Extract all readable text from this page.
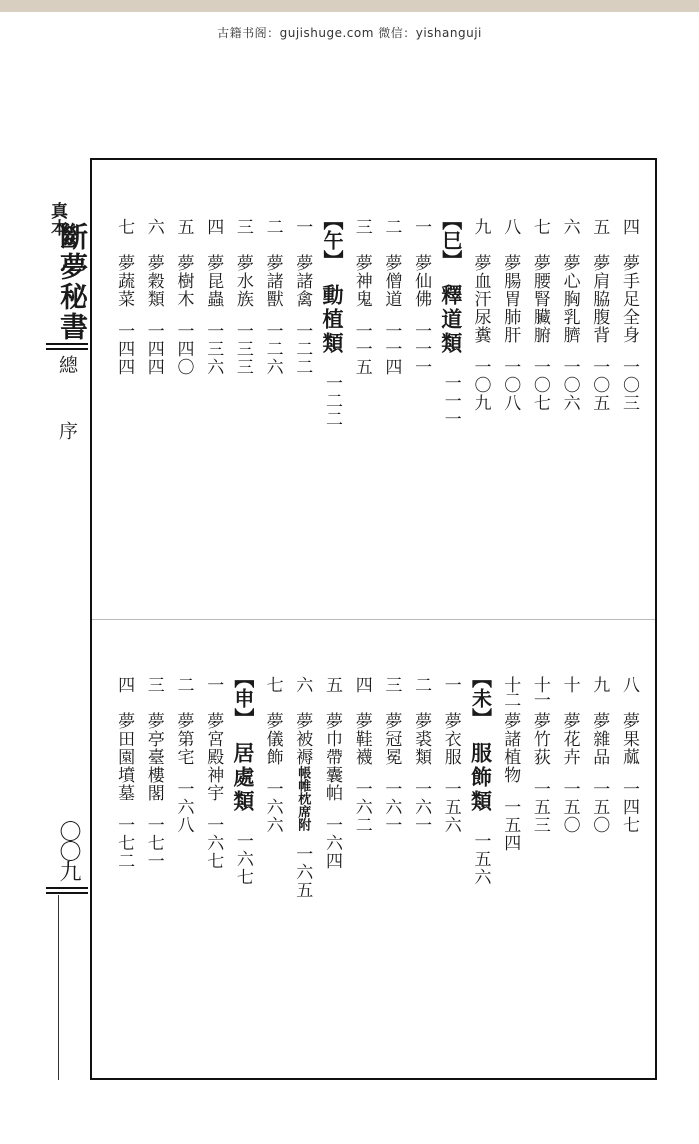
古籍书阁：gujishuge.com 微信：yishanguji
真本
斷夢秘書
總　序
〇〇九
四夢手足全身一〇三
五夢肩脇腹背一〇五
六夢心胸乳臍一〇六
七夢腰腎臟腑一〇七
八夢腸胃肺肝一〇八
九夢血汗尿糞一〇九
【巳】釋道類一一一
一夢仙佛一一一
二夢僧道一一四
三夢神鬼一一五
【午】動植類一二二
一夢諸禽一二二
二夢諸獸一二六
三夢水族一三三
四夢昆蟲一三六
五夢樹木一四〇
六夢穀類一四四
七夢蔬菜一四四
八夢果蓏一四七
九夢雜品一五〇
十夢花卉一五〇
十一夢竹荻一五三
十二夢諸植物一五四
【未】服飾類一五六
一夢衣服一五六
二夢裘類一六一
三夢冠冕一六一
四夢鞋襪一六二
五夢巾帶囊帕一六四
六夢被褥帳帷枕席附一六五
七夢儀飾一六六
【申】居處類一六七
一夢宮殿神宇一六七
二夢第宅一六八
三夢亭臺樓閣一七一
四夢田園墳墓一七二
